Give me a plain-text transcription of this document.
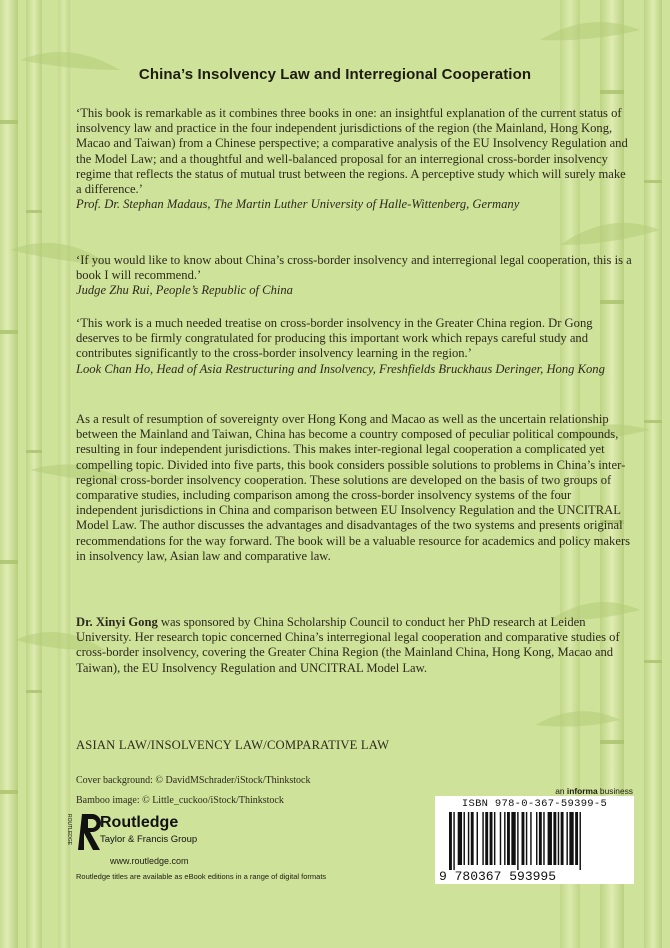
China’s Insolvency Law and Interregional Cooperation
‘This book is remarkable as it combines three books in one: an insightful explanation of the current status of insolvency law and practice in the four independent jurisdictions of the region (the Mainland, Hong Kong, Macao and Taiwan) from a Chinese perspective; a comparative analysis of the EU Insolvency Regulation and the Model Law; and a thoughtful and well-balanced proposal for an interregional cross-border insolvency regime that reflects the status of mutual trust between the regions. A perceptive study which will surely make a difference.’
Prof. Dr. Stephan Madaus, The Martin Luther University of Halle-Wittenberg, Germany
‘If you would like to know about China’s cross-border insolvency and interregional legal cooperation, this is a book I will recommend.’
Judge Zhu Rui, People’s Republic of China
‘This work is a much needed treatise on cross-border insolvency in the Greater China region. Dr Gong deserves to be firmly congratulated for producing this important work which repays careful study and contributes significantly to the cross-border insolvency learning in the region.’
Look Chan Ho, Head of Asia Restructuring and Insolvency, Freshfields Bruckhaus Deringer, Hong Kong
As a result of resumption of sovereignty over Hong Kong and Macao as well as the uncertain relationship between the Mainland and Taiwan, China has become a country composed of peculiar political compounds, resulting in four independent jurisdictions. This makes inter-regional legal cooperation a complicated yet compelling topic. Divided into five parts, this book considers possible solutions to problems in China’s inter-regional cross-border insolvency cooperation. These solutions are developed on the basis of two groups of comparative studies, including comparison among the cross-border insolvency systems of the four independent jurisdictions in China and comparison between EU Insolvency Regulation and the UNCITRAL Model Law. The author discusses the advantages and disadvantages of the two systems and presents original recommendations for the way forward. The book will be a valuable resource for academics and policy makers in insolvency law, Asian law and comparative law.
Dr. Xinyi Gong was sponsored by China Scholarship Council to conduct her PhD research at Leiden University. Her research topic concerned China’s interregional legal cooperation and comparative studies of cross-border insolvency, covering the Greater China Region (the Mainland China, Hong Kong, Macao and Taiwan), the EU Insolvency Regulation and UNCITRAL Model Law.
ASIAN LAW/INSOLVENCY LAW/COMPARATIVE LAW
Cover background: © DavidMSchrader/iStock/Thinkstock
Bamboo image: © Little_cuckoo/iStock/Thinkstock
an informa business
ISBN 978-0-367-59399-5
9 780367 593995
ROUTLEDGE Routledge
Taylor & Francis Group
www.routledge.com
Routledge titles are available as eBook editions in a range of digital formats
